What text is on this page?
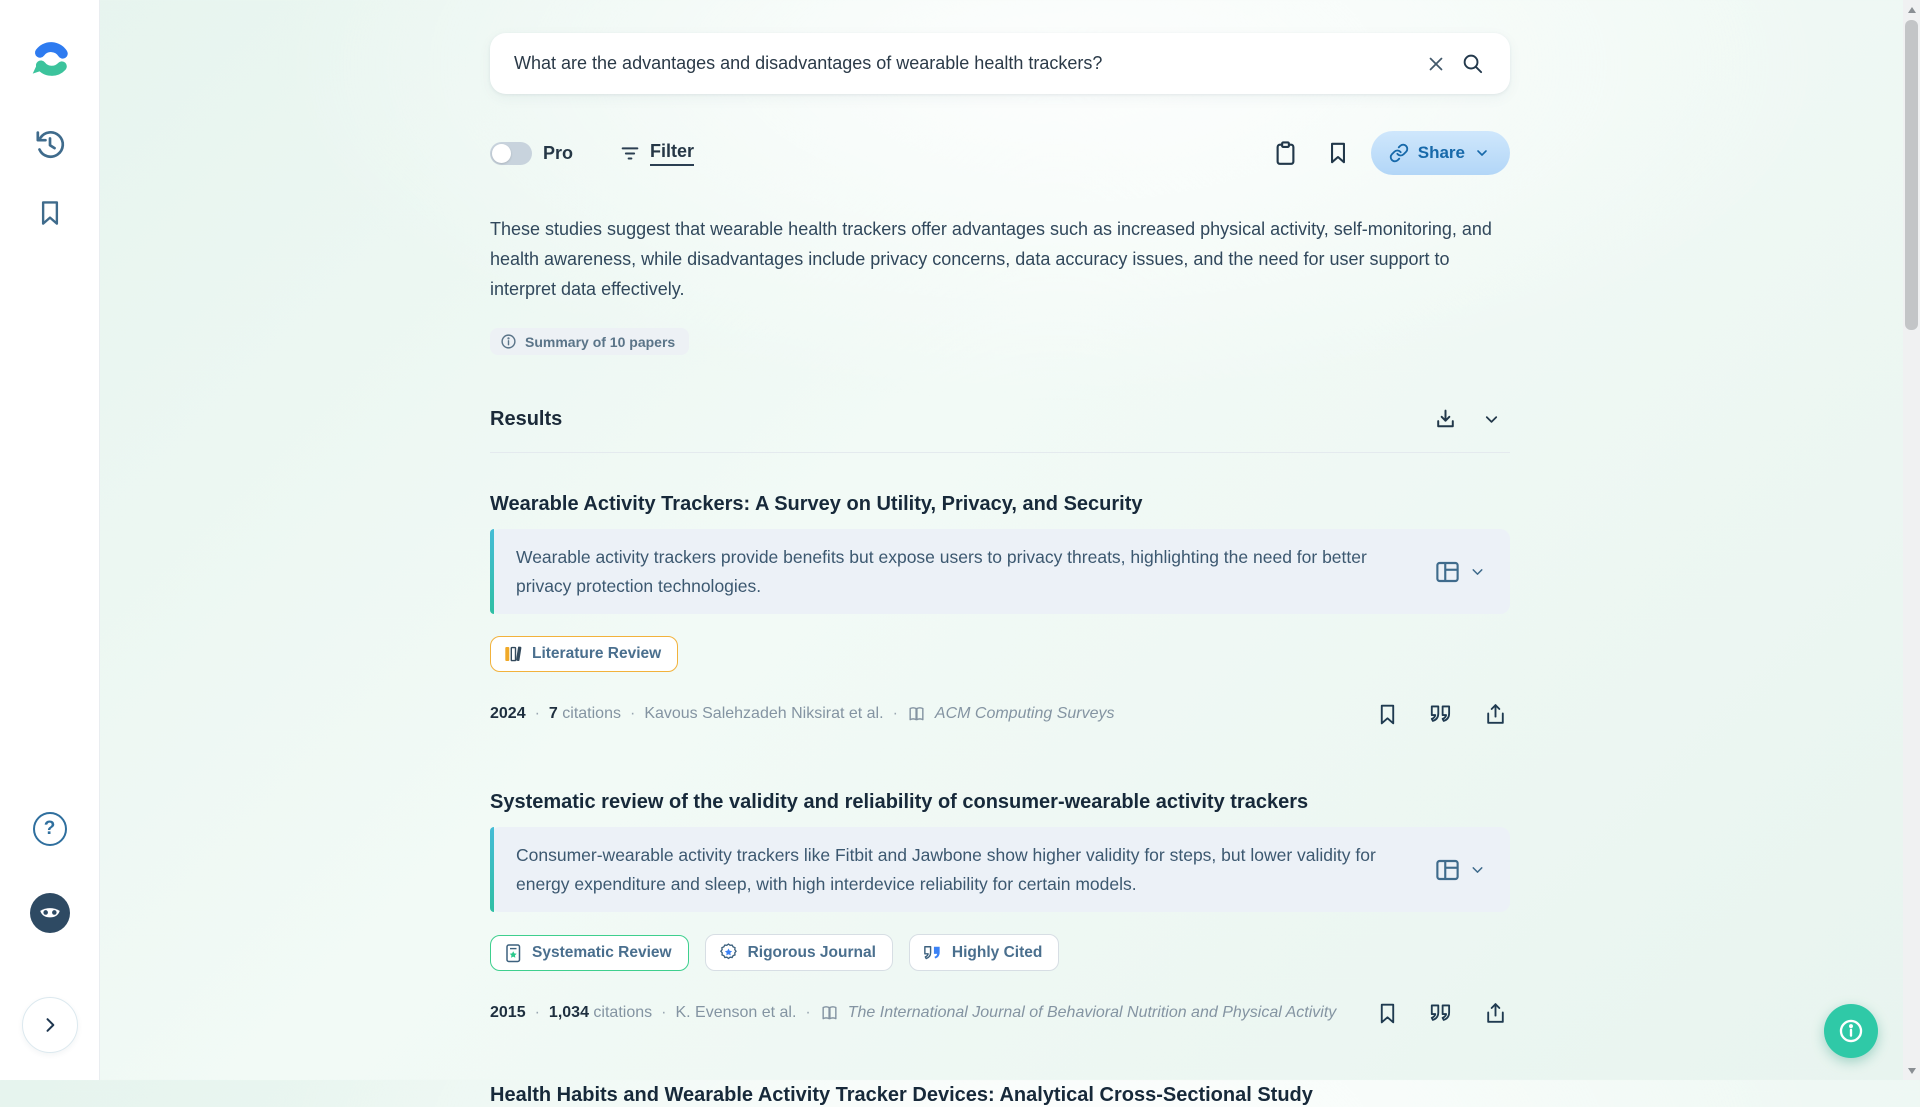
?
What are the advantages and disadvantages of wearable health trackers?
Pro	Filter	Share

These studies suggest that wearable health trackers offer advantages such as increased physical activity, self-monitoring, and health awareness, while disadvantages include privacy concerns, data accuracy issues, and the need for user support to interpret data effectively.

Summary of 10 papers
Results
Wearable Activity Trackers: A Survey on Utility, Privacy, and Security

Wearable activity trackers provide benefits but expose users to privacy threats, highlighting the need for better privacy protection technologies.

Literature Review
2024 · 7 citations · Kavous Salehzadeh Niksirat et al. · ACM Computing Surveys
Systematic review of the validity and reliability of consumer-wearable activity trackers

Consumer-wearable activity trackers like Fitbit and Jawbone show higher validity for steps, but lower validity for energy expenditure and sleep, with high interdevice reliability for certain models.

Systematic Review	Rigorous Journal	Highly Cited
2015 · 1,034 citations · K. Evenson et al. · The International Journal of Behavioral Nutrition and Physical Activity
Health Habits and Wearable Activity Tracker Devices: Analytical Cross-Sectional Study
